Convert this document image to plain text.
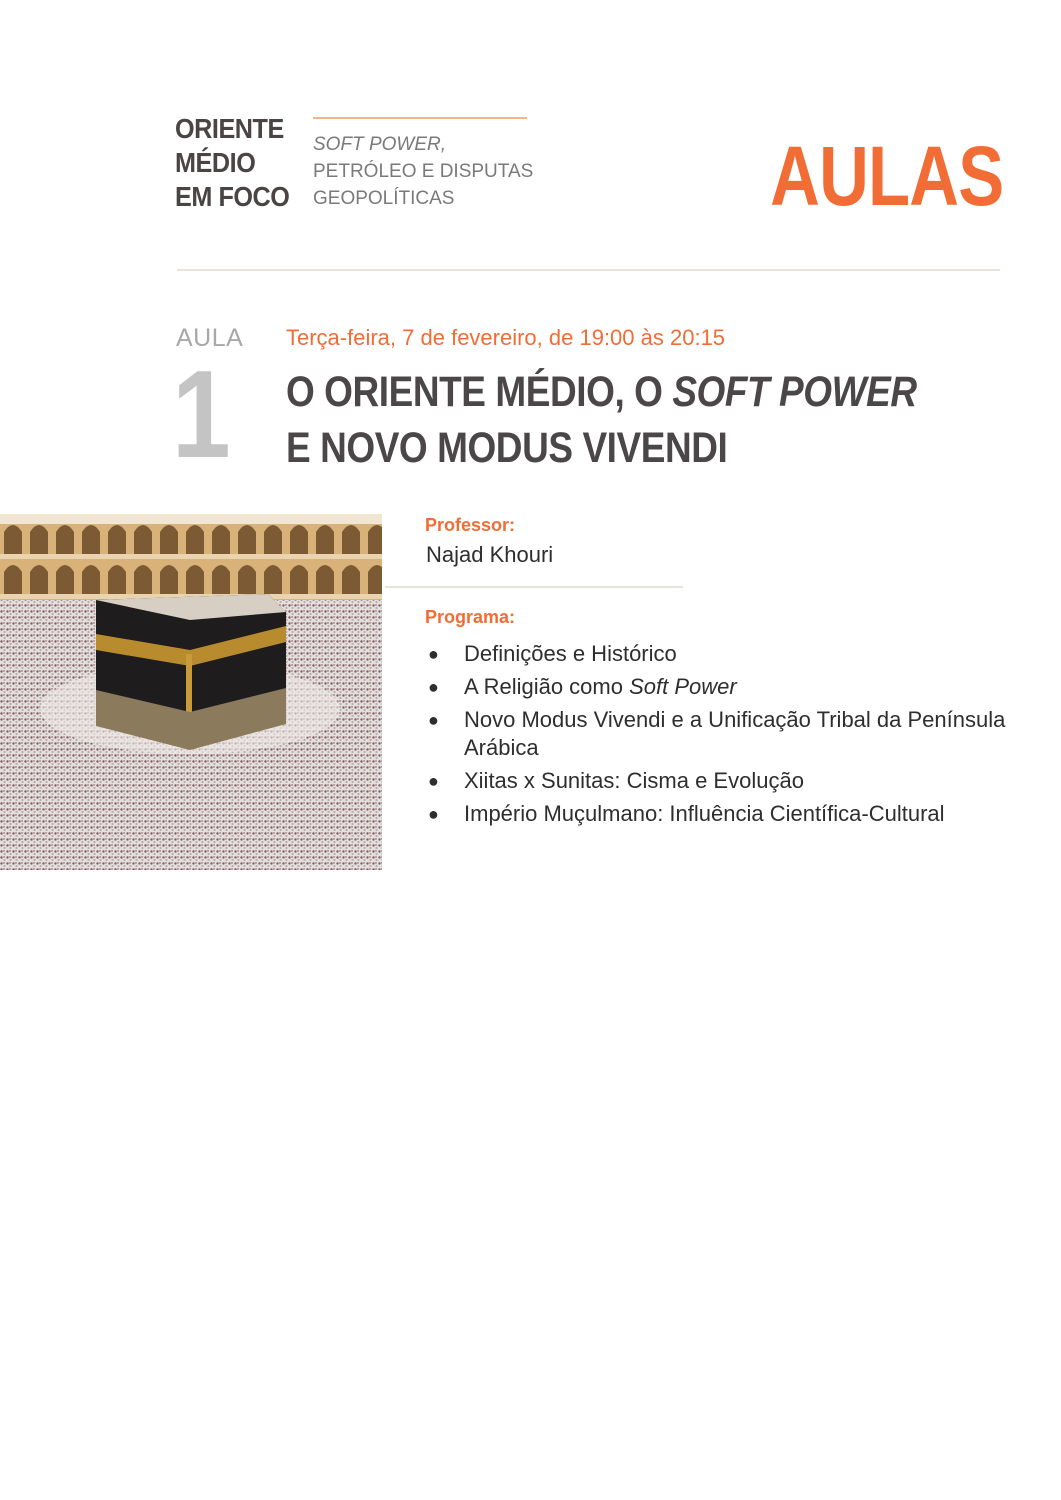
ORIENTE
MÉDIO
EM FOCO
SOFT POWER,
PETRÓLEO E DISPUTAS
GEOPOLÍTICAS	AULAS
AULA
1
Terça-feira, 7 de fevereiro, de 19:00 às 20:15
O ORIENTE MÉDIO, O SOFT POWER
E NOVO MODUS VIVENDI
Professor:
Najad Khouri
Programa:
● Definições e Histórico
● A Religião como Soft Power
● Novo Modus Vivendi e a Unificação Tribal da Península Arábica
● Xiitas x Sunitas: Cisma e Evolução
● Império Muçulmano: Influência Científica-Cultural
